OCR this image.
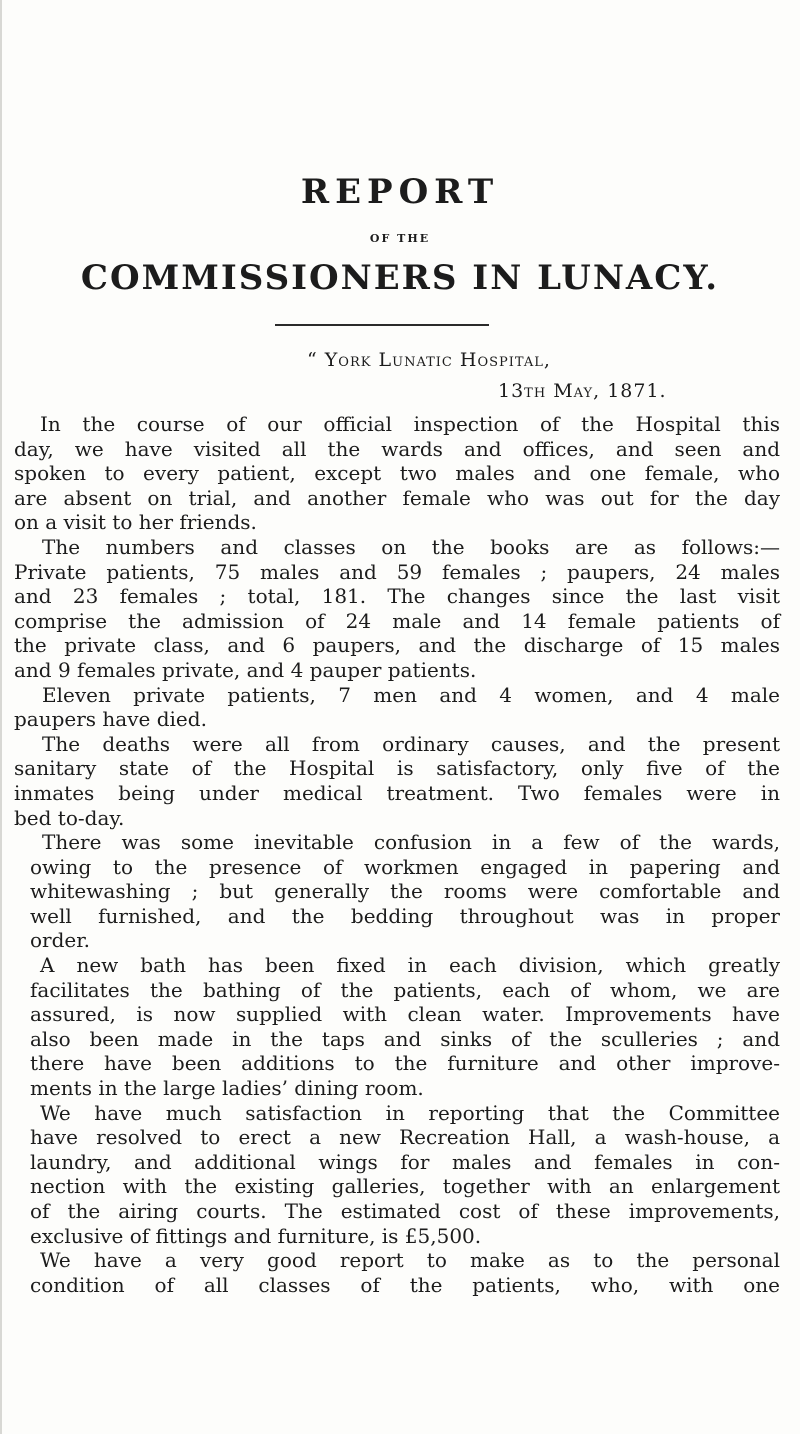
REPORT
OF THE
COMMISSIONERS IN LUNACY.
“ York Lunatic Hospital,
13th May, 1871.

In the course of our official inspection of the Hospital this

day, we have visited all the wards and offices, and seen and

spoken to every patient, except two males and one female, who

are absent on trial, and another female who was out for the day

on a visit to her friends.

The numbers and classes on the books are as follows:—

Private patients, 75 males and 59 females ; paupers, 24 males

and 23 females ; total, 181. The changes since the last visit

comprise the admission of 24 male and 14 female patients of

the private class, and 6 paupers, and the discharge of 15 males

and 9 females private, and 4 pauper patients.

Eleven private patients, 7 men and 4 women, and 4 male

paupers have died.

The deaths were all from ordinary causes, and the present

sanitary state of the Hospital is satisfactory, only five of the

inmates being under medical treatment. Two females were in

bed to-day.

There was some inevitable confusion in a few of the wards,

owing to the presence of workmen engaged in papering and

whitewashing ; but generally the rooms were comfortable and

well furnished, and the bedding throughout was in proper

order.

A new bath has been fixed in each division, which greatly

facilitates the bathing of the patients, each of whom, we are

assured, is now supplied with clean water. Improvements have

also been made in the taps and sinks of the sculleries ; and

there have been additions to the furniture and other improve-

ments in the large ladies’ dining room.

We have much satisfaction in reporting that the Committee

have resolved to erect a new Recreation Hall, a wash-house, a

laundry, and additional wings for males and females in con-

nection with the existing galleries, together with an enlargement

of the airing courts. The estimated cost of these improvements,

exclusive of fittings and furniture, is £5,500.

We have a very good report to make as to the personal

condition of all classes of the patients, who, with one
